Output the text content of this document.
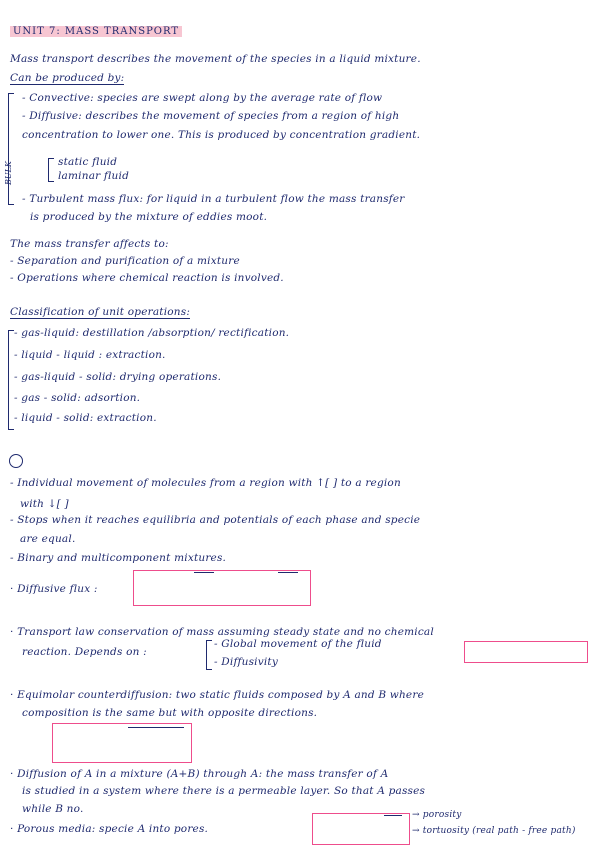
UNIT 7: MASS TRANSPORT
Mass transport describes the movement of the species in a liquid mixture.
Can be produced by:
BULK
- Convective: species are swept along by the average rate of flow
- Diffusive: describes the movement of species from a region of high
concentration to lower one. This is produced by concentration gradient.
static fluid
laminar fluid
- Turbulent mass flux: for liquid in a turbulent flow the mass transfer
is produced by the mixture of eddies moot.
The mass transfer affects to:
- Separation and purification of a mixture
- Operations where chemical reaction is involved.
Classification of unit operations:
- gas-liquid: destillation /absorption/ rectification.
- liquid - liquid : extraction.
- gas-liquid - solid: drying operations.
- gas - solid: adsortion.
- liquid - solid: extraction.
- Individual movement of molecules from a region with ↑[ ] to a region
with ↓[ ]
- Stops when it reaches equilibria and potentials of each phase and specie
are equal.
- Binary and multicomponent mixtures.
· Diffusive flux :
· Transport law conservation of mass assuming steady state and no chemical
reaction. Depends on :
- Global movement of the fluid
- Diffusivity
· Equimolar counterdiffusion: two static fluids composed by A and B where
composition is the same but with opposite directions.
· Diffusion of A in a mixture (A+B) through A: the mass transfer of A
is studied in a system where there is a permeable layer. So that A passes
while B no.
· Porous media: specie A into pores.
→ porosity
→ tortuosity (real path - free path)
